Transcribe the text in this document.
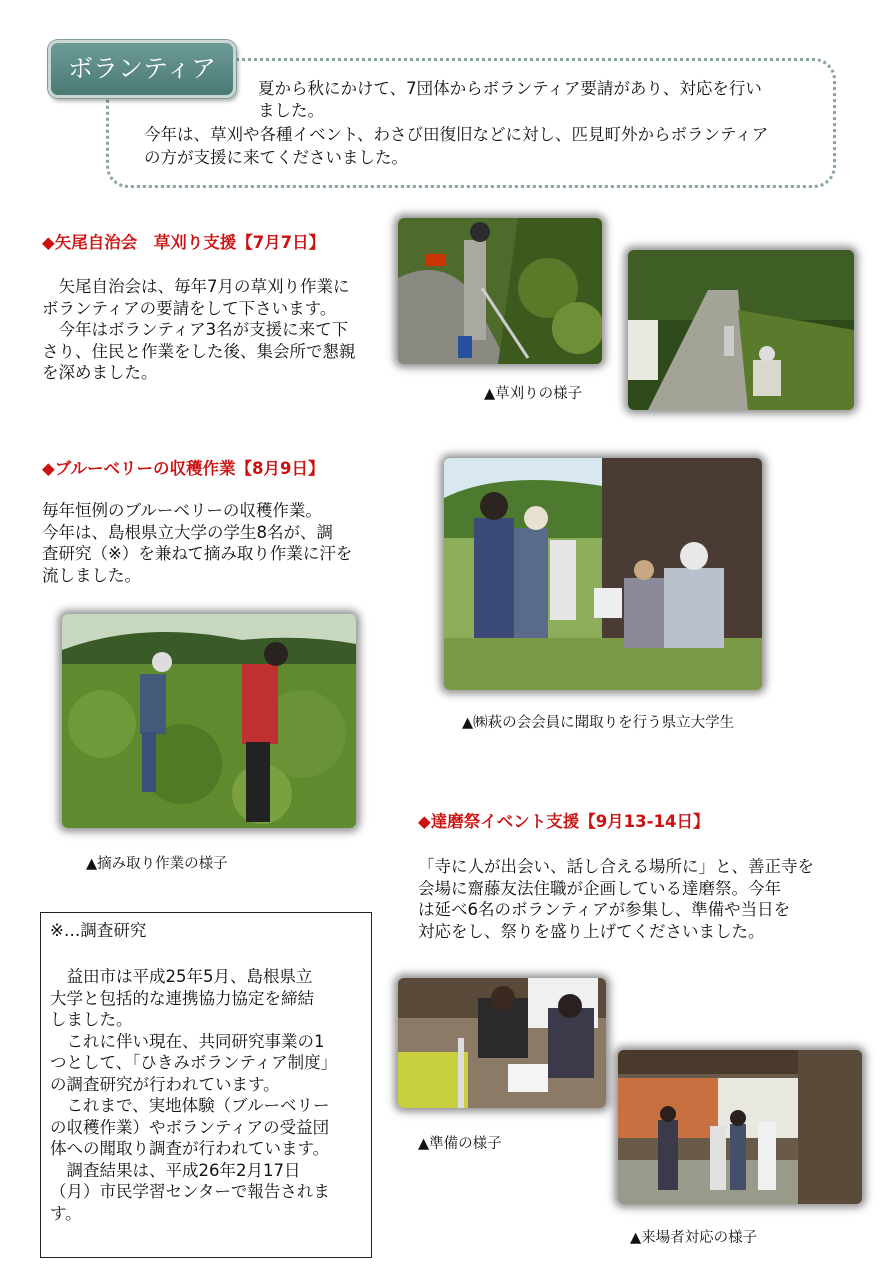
ボランティア
夏から秋にかけて、7団体からボランティア要請があり、対応を行い
ました。
今年は、草刈や各種イベント、わさび田復旧などに対し、匹見町外からボランティア
の方が支援に来てくださいました。
◆矢尾自治会　草刈り支援【7月7日】
　矢尾自治会は、毎年7月の草刈り作業に
ボランティアの要請をして下さいます。
　今年はボランティア3名が支援に来て下
さり、住民と作業をした後、集会所で懇親
を深めました。
▲草刈りの様子
◆ブルーベリーの収穫作業【8月9日】
毎年恒例のブルーベリーの収穫作業。
今年は、島根県立大学の学生8名が、調
査研究（※）を兼ねて摘み取り作業に汗を
流しました。
▲㈱萩の会会員に聞取りを行う県立大学生
▲摘み取り作業の様子
◆達磨祭イベント支援【9月13-14日】
「寺に人が出会い、話し合える場所に」と、善正寺を
会場に齋藤友法住職が企画している達磨祭。今年
は延べ6名のボランティアが参集し、準備や当日を
対応をし、祭りを盛り上げてくださいました。
▲準備の様子
▲来場者対応の様子
※…調査研究
　益田市は平成25年5月、島根県立
大学と包括的な連携協力協定を締結
しました。
　これに伴い現在、共同研究事業の1
つとして、「ひきみボランティア制度」
の調査研究が行われています。
　これまで、実地体験（ブルーベリー
の収穫作業）やボランティアの受益団
体への聞取り調査が行われています。
　調査結果は、平成26年2月17日
（月）市民学習センターで報告されま
す。
